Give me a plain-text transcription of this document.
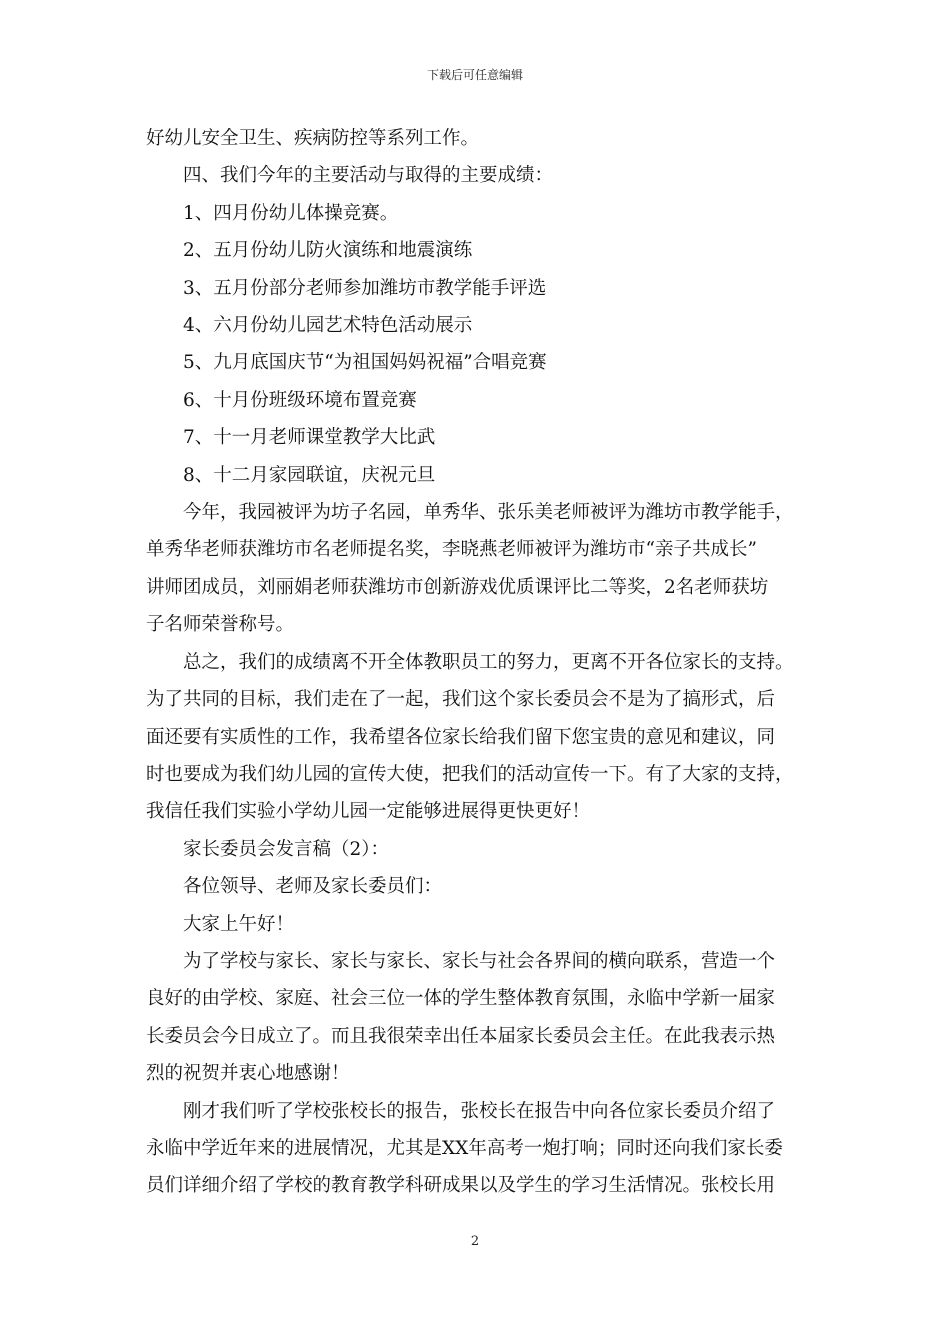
下载后可任意编辑

好幼儿安全卫生、疾病防控等系列工作。

四、我们今年的主要活动与取得的主要成绩：

1、四月份幼儿体操竞赛。

2、五月份幼儿防火演练和地震演练

3、五月份部分老师参加潍坊市教学能手评选

4、六月份幼儿园艺术特色活动展示

5、九月底国庆节“为祖国妈妈祝福”合唱竞赛

6、十月份班级环境布置竞赛

7、十一月老师课堂教学大比武

8、十二月家园联谊，庆祝元旦

今年，我园被评为坊子名园，单秀华、张乐美老师被评为潍坊市教学能手，

单秀华老师获潍坊市名老师提名奖，李晓燕老师被评为潍坊市“亲子共成长”

讲师团成员，刘丽娟老师获潍坊市创新游戏优质课评比二等奖，2名老师获坊

子名师荣誉称号。

总之，我们的成绩离不开全体教职员工的努力，更离不开各位家长的支持。

为了共同的目标，我们走在了一起，我们这个家长委员会不是为了搞形式，后

面还要有实质性的工作，我希望各位家长给我们留下您宝贵的意见和建议，同

时也要成为我们幼儿园的宣传大使，把我们的活动宣传一下。有了大家的支持，

我信任我们实验小学幼儿园一定能够进展得更快更好！

家长委员会发言稿（2）：

各位领导、老师及家长委员们：

大家上午好！

为了学校与家长、家长与家长、家长与社会各界间的横向联系，营造一个

良好的由学校、家庭、社会三位一体的学生整体教育氛围，永临中学新一届家

长委员会今日成立了。而且我很荣幸出任本届家长委员会主任。在此我表示热

烈的祝贺并衷心地感谢！

刚才我们听了学校张校长的报告，张校长在报告中向各位家长委员介绍了

永临中学近年来的进展情况，尤其是XX年高考一炮打响；同时还向我们家长委

员们详细介绍了学校的教育教学科研成果以及学生的学习生活情况。张校长用

2
